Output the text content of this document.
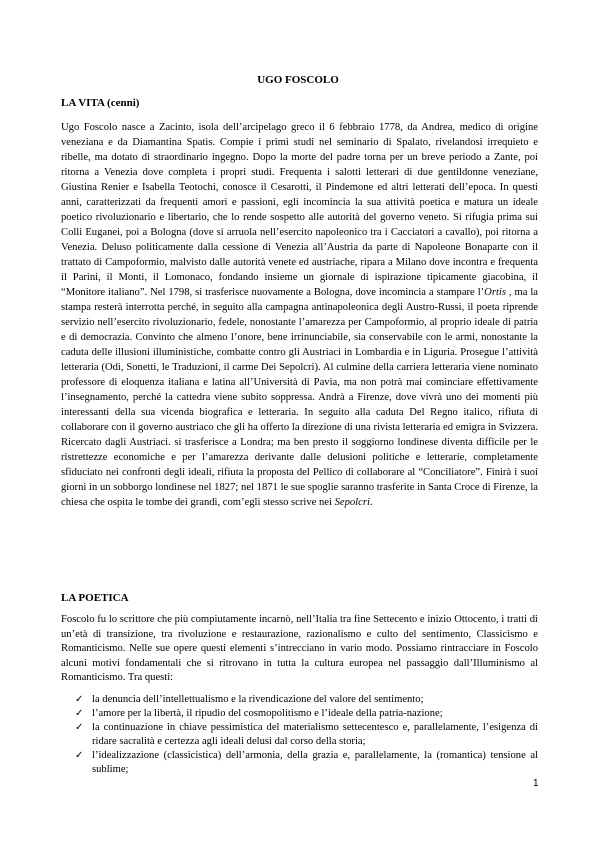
UGO FOSCOLO
LA VITA (cenni)
Ugo Foscolo nasce a Zacinto, isola dell’arcipelago greco il 6 febbraio 1778, da Andrea, medico di origine veneziana e da Diamantina Spatis. Compie i primi studi nel seminario di Spalato, rivelandosi irrequieto e ribelle, ma dotato di straordinario ingegno. Dopo la morte del padre torna per un breve periodo a Zante, poi ritorna a Venezia dove completa i propri studi. Frequenta i salotti letterari di due gentildonne veneziane, Giustina Renier e Isabella Teotochi, conosce il Cesarotti, il Pindemone ed altri letterati dell’epoca. In questi anni, caratterizzati da frequenti amori e passioni, egli incomincia la sua attività poetica e matura un ideale poetico rivoluzionario e libertario, che lo rende sospetto alle autorità del governo veneto. Si rifugia prima sui Colli Euganei, poi a Bologna (dove si arruola nell’esercito napoleonico tra i Cacciatori a cavallo), poi ritorna a Venezia. Deluso politicamente dalla cessione di Venezia all’Austria da parte di Napoleone Bonaparte con il trattato di Campoformio, malvisto dalle autorità venete ed austriache, ripara a Milano dove incontra e frequenta il Parini, il Monti, il Lomonaco, fondando insieme un giornale di ispirazione tipicamente giacobina, il “Monitore italiano”. Nel 1798, si trasferisce nuovamente a Bologna, dove incomincia a stampare l’Ortis , ma la stampa resterà interrotta perché, in seguito alla campagna antinapoleonica degli Austro-Russi, il poeta riprende servizio nell’esercito rivoluzionario, fedele, nonostante l’amarezza per Campoformio, al proprio ideale di patria e di democrazia. Convinto che almeno l’onore, bene irrinunciabile, sia conservabile con le armi, nonostante la caduta delle illusioni illuministiche, combatte contro gli Austriaci in Lombardia e in Liguria. Prosegue l’attività letteraria (Odi, Sonetti, le Traduzioni, il carme Dei Sepolcri). Al culmine della carriera letteraria viene nominato professore di eloquenza italiana e latina all’Università di Pavia, ma non potrà mai cominciare effettivamente l’insegnamento, perché la cattedra viene subito soppressa. Andrà a Firenze, dove vivrà uno dei momenti più interessanti della sua vicenda biografica e letteraria. In seguito alla caduta Del Regno italico, rifiuta di collaborare con il governo austriaco che gli ha offerto la direzione di una rivista letteraria ed emigra in Svizzera. Ricercato dagli Austriaci. si trasferisce a Londra; ma ben presto il soggiorno londinese diventa difficile per le ristrettezze economiche e per l’amarezza derivante dalle delusioni politiche e letterarie, completamente sfiduciato nei confronti degli ideali, rifiuta la proposta del Pellico di collaborare al “Conciliatore”. Finirà i suoi giorni in un sobborgo londinese nel 1827; nel 1871 le sue spoglie saranno trasferite in Santa Croce di Firenze, la chiesa che ospita le tombe dei grandi, com’egli stesso scrive nei Sepolcri.
LA POETICA
Foscolo fu lo scrittore che più compiutamente incarnò, nell’Italia tra fine Settecento e inizio Ottocento, i tratti di un’età di transizione, tra rivoluzione e restaurazione, razionalismo e culto del sentimento, Classicismo e Romanticismo. Nelle sue opere questi elementi s’intrecciano in vario modo. Possiamo rintracciare in Foscolo alcuni motivi fondamentali che si ritrovano in tutta la cultura europea nel passaggio dall’Illuminismo al Romanticismo. Tra questi:
✓ la denuncia dell’intellettualismo e la rivendicazione del valore del sentimento;
✓ l’amore per la libertà, il ripudio del cosmopolitismo e l’ideale della patria-nazione;
✓ la continuazione in chiave pessimistica del materialismo settecentesco e, parallelamente, l’esigenza di ridare sacralità e certezza agli ideali delusi dal corso della storia;
✓ l’idealizzazione (classicistica) dell’armonia, della grazia e, parallelamente, la (romantica) tensione al sublime;
1
